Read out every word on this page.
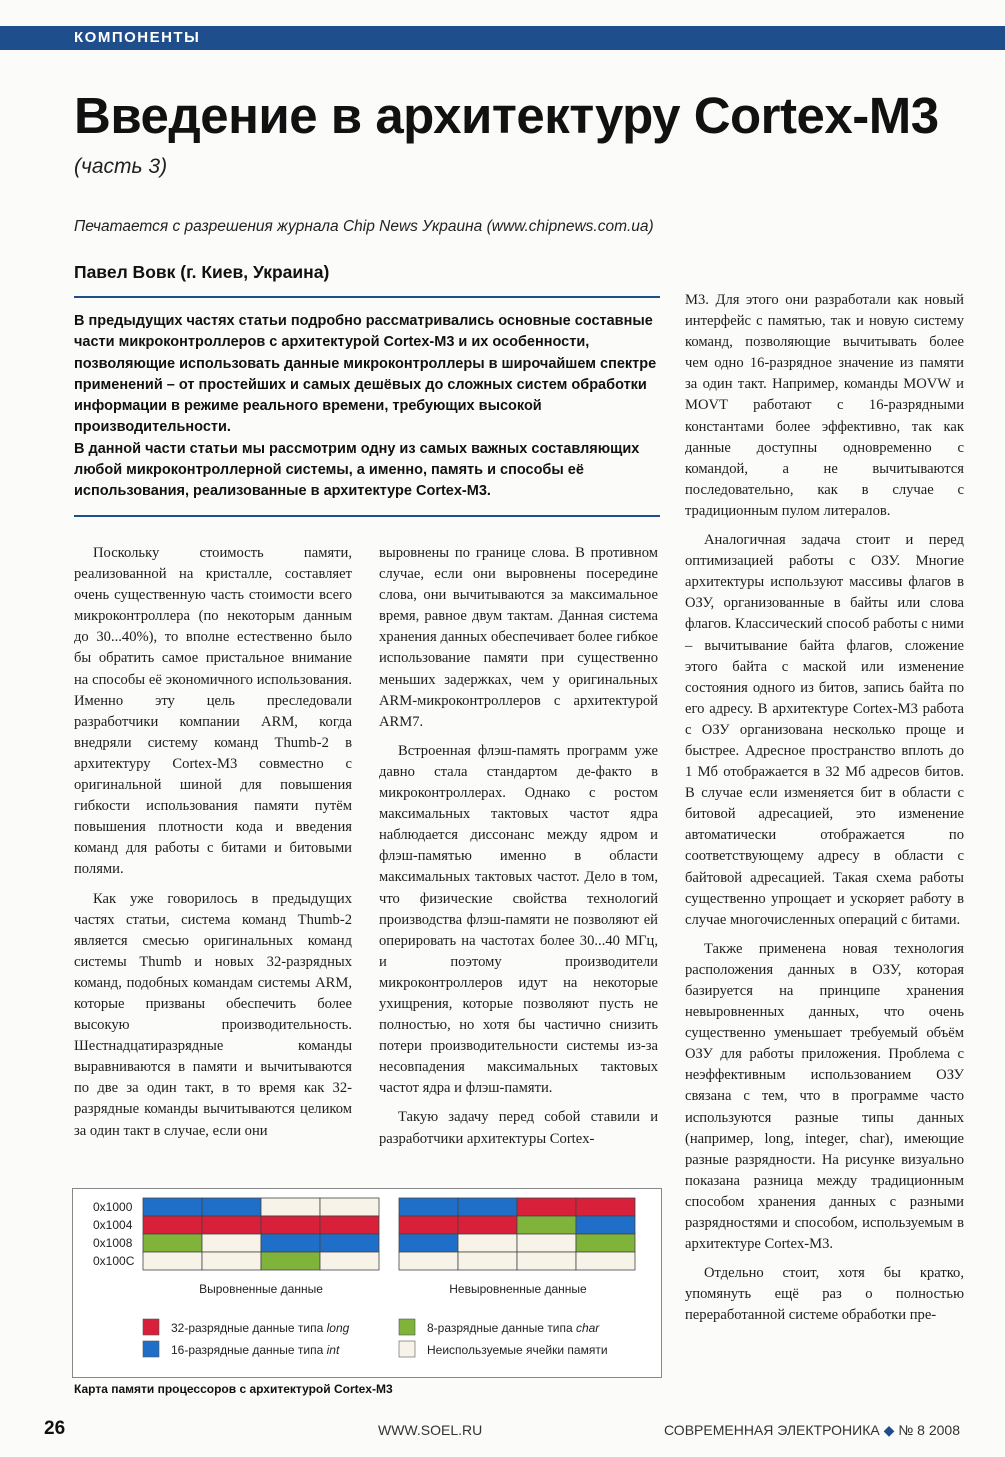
КОМПОНЕНТЫ
Введение в архитектуру Cortex-M3
(часть 3)
Печатается с разрешения журнала Chip News Украина (www.chipnews.com.ua)
Павел Вовк (г. Киев, Украина)

В предыдущих частях статьи подробно рассматривались основные составные части микроконтроллеров с архитектурой Cortex-M3 и их особенности, позволяющие использовать данные микроконтроллеры в широчайшем спектре применений – от простейших и самых дешёвых до сложных систем обработки информации в режиме реального времени, требующих высокой производительности.

В данной части статьи мы рассмотрим одну из самых важных составляющих любой микроконтроллерной системы, а именно, память и способы её использования, реализованные в архитектуре Cortex-M3.

Поскольку стоимость памяти, реализованной на кристалле, составляет очень существенную часть стоимости всего микроконтроллера (по некоторым данным до 30...40%), то вполне естественно было бы обратить самое пристальное внимание на способы её экономичного использования. Именно эту цель преследовали разработчики компании ARM, когда внедряли систему команд Thumb-2 в архитектуру Cortex-M3 совместно с оригинальной шиной для повышения гибкости использования памяти путём повышения плотности кода и введения команд для работы с битами и битовыми полями.

Как уже говорилось в предыдущих частях статьи, система команд Thumb-2 является смесью оригинальных команд системы Thumb и новых 32-разрядных команд, подобных командам системы ARM, которые призваны обеспечить более высокую производительность. Шестнадцатиразрядные команды выравниваются в памяти и вычитываются по две за один такт, в то время как 32-разрядные команды вычитываются целиком за один такт в случае, если они

выровнены по границе слова. В противном случае, если они выровнены посередине слова, они вычитываются за максимальное время, равное двум тактам. Данная система хранения данных обеспечивает более гибкое использование памяти при существенно меньших задержках, чем у оригинальных ARM-микроконтроллеров с архитектурой ARM7.

Встроенная флэш-память программ уже давно стала стандартом де-факто в микроконтроллерах. Однако с ростом максимальных тактовых частот ядра наблюдается диссонанс между ядром и флэш-памятью именно в области максимальных тактовых частот. Дело в том, что физические свойства технологий производства флэш-памяти не позволяют ей оперировать на частотах более 30...40 МГц, и поэтому производители микроконтроллеров идут на некоторые ухищрения, которые позволяют пусть не полностью, но хотя бы частично снизить потери производительности системы из-за несовпадения максимальных тактовых частот ядра и флэш-памяти.

Такую задачу перед собой ставили и разработчики архитектуры Cortex-

М3. Для этого они разработали как новый интерфейс с памятью, так и новую систему команд, позволяющие вычитывать более чем одно 16-разрядное значение из памяти за один такт. Например, команды MOVW и MOVT работают с 16-разрядными константами более эффективно, так как данные доступны одновременно с командой, а не вычитываются последовательно, как в случае с традиционным пулом литералов.

Аналогичная задача стоит и перед оптимизацией работы с ОЗУ. Многие архитектуры используют массивы флагов в ОЗУ, организованные в байты или слова флагов. Классический способ работы с ними – вычитывание байта флагов, сложение этого байта с маской или изменение состояния одного из битов, запись байта по его адресу. В архитектуре Cortex-M3 работа с ОЗУ организована несколько проще и быстрее. Адресное пространство вплоть до 1 Мб отображается в 32 Мб адресов битов. В случае если изменяется бит в области с битовой адресацией, это изменение автоматически отображается по соответствующему адресу в области с байтовой адресацией. Такая схема работы существенно упрощает и ускоряет работу в случае многочисленных операций с битами.

Также применена новая технология расположения данных в ОЗУ, которая базируется на принципе хранения невыровненных данных, что очень существенно уменьшает требуемый объём ОЗУ для работы приложения. Проблема с неэффективным использованием ОЗУ связана с тем, что в программе часто используются разные типы данных (например, long, integer, char), имеющие разные разрядности. На рисунке визуально показана разница между традиционным способом хранения данных с разными разрядностями и способом, используемым в архитектуре Cortex-M3.

Отдельно стоит, хотя бы кратко, упомянуть ещё раз о полностью переработанной системе обработки пре-

0x1000
0x1004
0x1008
0x100C
Выровненные данные	Невыровненные данные
32-разрядные данные типа long
16-разрядные данные типа int
8-разрядные данные типа char
Неиспользуемые ячейки памяти
Карта памяти процессоров с архитектурой Cortex-M3
26	WWW.SOEL.RU	СОВРЕМЕННАЯ ЭЛЕКТРОНИКА ◆ № 8 2008
